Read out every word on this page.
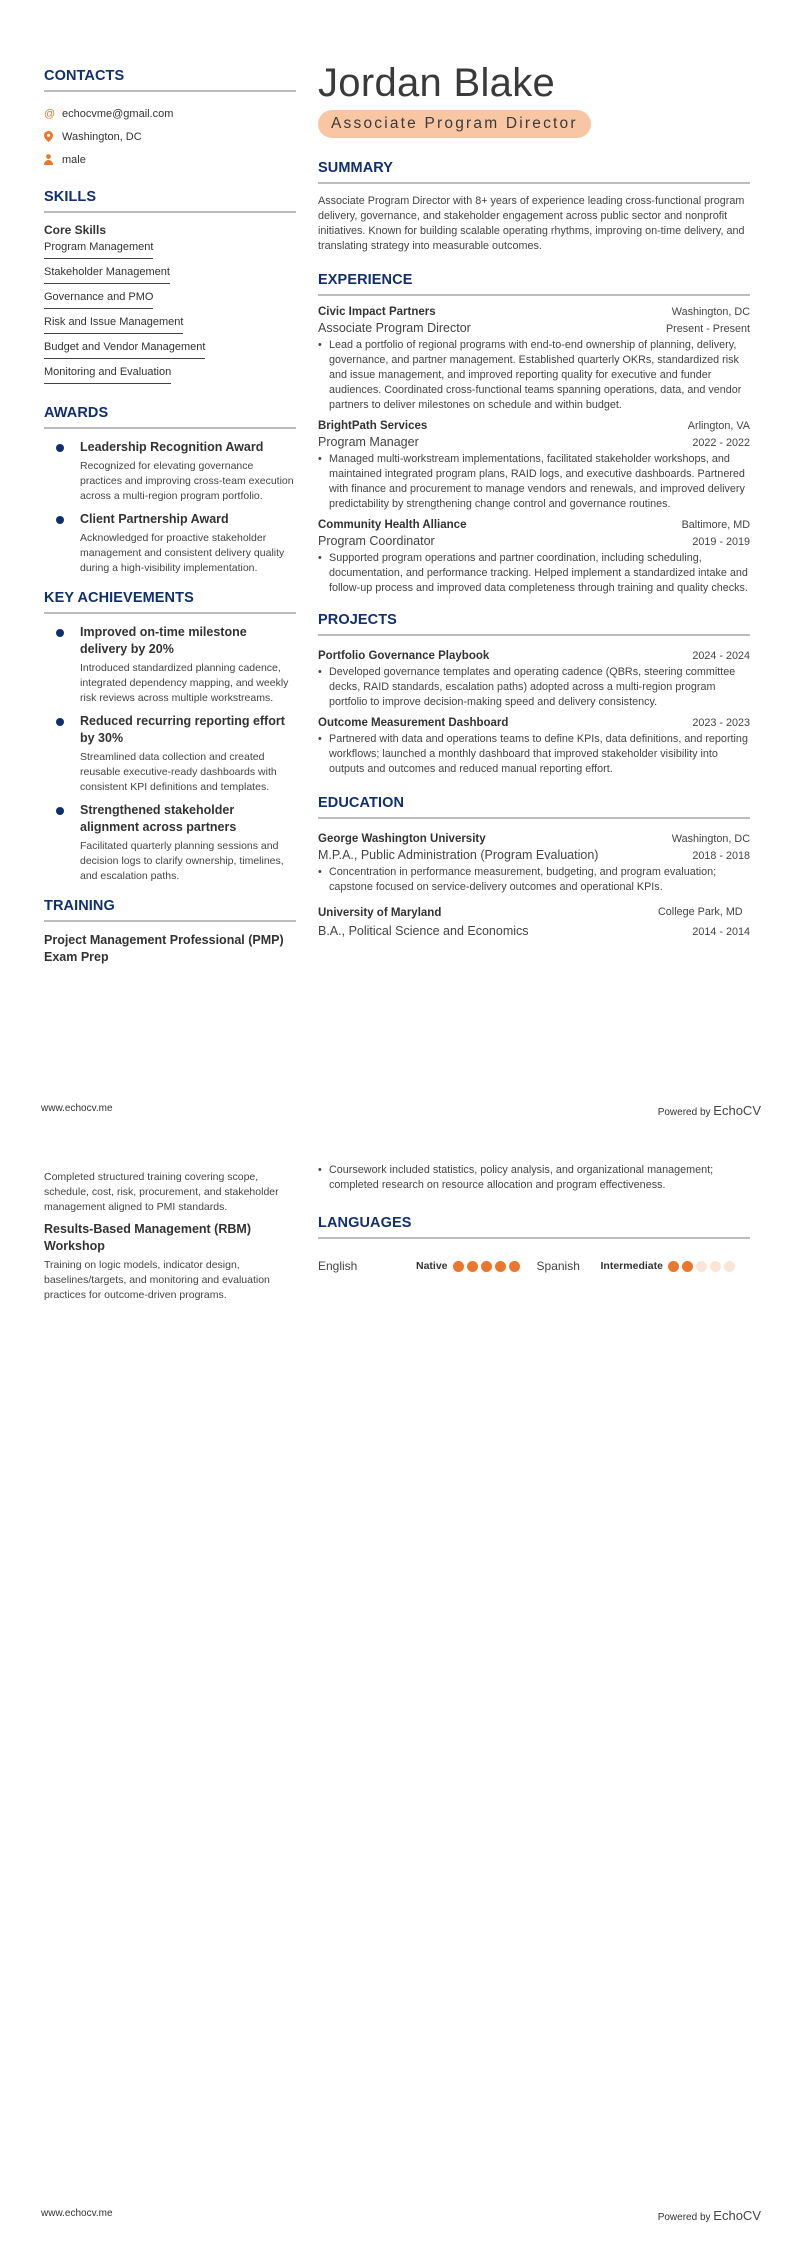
CONTACTS
@ echocvme@gmail.com
Washington, DC
male
SKILLS
Core Skills
Program Management
Stakeholder Management
Governance and PMO
Risk and Issue Management
Budget and Vendor Management
Monitoring and Evaluation
AWARDS
Leadership Recognition Award
Recognized for elevating governance practices and improving cross-team execution across a multi-region program portfolio.
Client Partnership Award
Acknowledged for proactive stakeholder management and consistent delivery quality during a high-visibility implementation.
KEY ACHIEVEMENTS
Improved on-time milestone delivery by 20%
Introduced standardized planning cadence, integrated dependency mapping, and weekly risk reviews across multiple workstreams.
Reduced recurring reporting effort by 30%
Streamlined data collection and created reusable executive-ready dashboards with consistent KPI definitions and templates.
Strengthened stakeholder alignment across partners
Facilitated quarterly planning sessions and decision logs to clarify ownership, timelines, and escalation paths.
TRAINING
Project Management Professional (PMP) Exam Prep
Jordan Blake
Associate Program Director
SUMMARY
Associate Program Director with 8+ years of experience leading cross-functional program delivery, governance, and stakeholder engagement across public sector and nonprofit initiatives. Known for building scalable operating rhythms, improving on-time delivery, and translating strategy into measurable outcomes.
EXPERIENCE
Civic Impact Partners	Washington, DC
Associate Program Director	Present - Present
• Lead a portfolio of regional programs with end-to-end ownership of planning, delivery, governance, and partner management. Established quarterly OKRs, standardized risk and issue management, and improved reporting quality for executive and funder audiences. Coordinated cross-functional teams spanning operations, data, and vendor partners to deliver milestones on schedule and within budget.
BrightPath Services	Arlington, VA
Program Manager	2022 - 2022
• Managed multi-workstream implementations, facilitated stakeholder workshops, and maintained integrated program plans, RAID logs, and executive dashboards. Partnered with finance and procurement to manage vendors and renewals, and improved delivery predictability by strengthening change control and governance routines.
Community Health Alliance	Baltimore, MD
Program Coordinator	2019 - 2019
• Supported program operations and partner coordination, including scheduling, documentation, and performance tracking. Helped implement a standardized intake and follow-up process and improved data completeness through training and quality checks.
PROJECTS
Portfolio Governance Playbook	2024 - 2024
• Developed governance templates and operating cadence (QBRs, steering committee decks, RAID standards, escalation paths) adopted across a multi-region program portfolio to improve decision-making speed and delivery consistency.
Outcome Measurement Dashboard	2023 - 2023
• Partnered with data and operations teams to define KPIs, data definitions, and reporting workflows; launched a monthly dashboard that improved stakeholder visibility into outputs and outcomes and reduced manual reporting effort.
EDUCATION
George Washington University	Washington, DC
M.P.A., Public Administration (Program Evaluation)	2018 - 2018
• Concentration in performance measurement, budgeting, and program evaluation; capstone focused on service-delivery outcomes and operational KPIs.
University of Maryland	College Park, MD
B.A., Political Science and Economics	2014 - 2014
www.echocv.me	Powered by EchoCV
Completed structured training covering scope, schedule, cost, risk, procurement, and stakeholder management aligned to PMI standards.
Results-Based Management (RBM) Workshop
Training on logic models, indicator design, baselines/targets, and monitoring and evaluation practices for outcome-driven programs.
• Coursework included statistics, policy analysis, and organizational management; completed research on resource allocation and program effectiveness.
LANGUAGES
English	Native	Spanish	Intermediate
www.echocv.me	Powered by EchoCV
